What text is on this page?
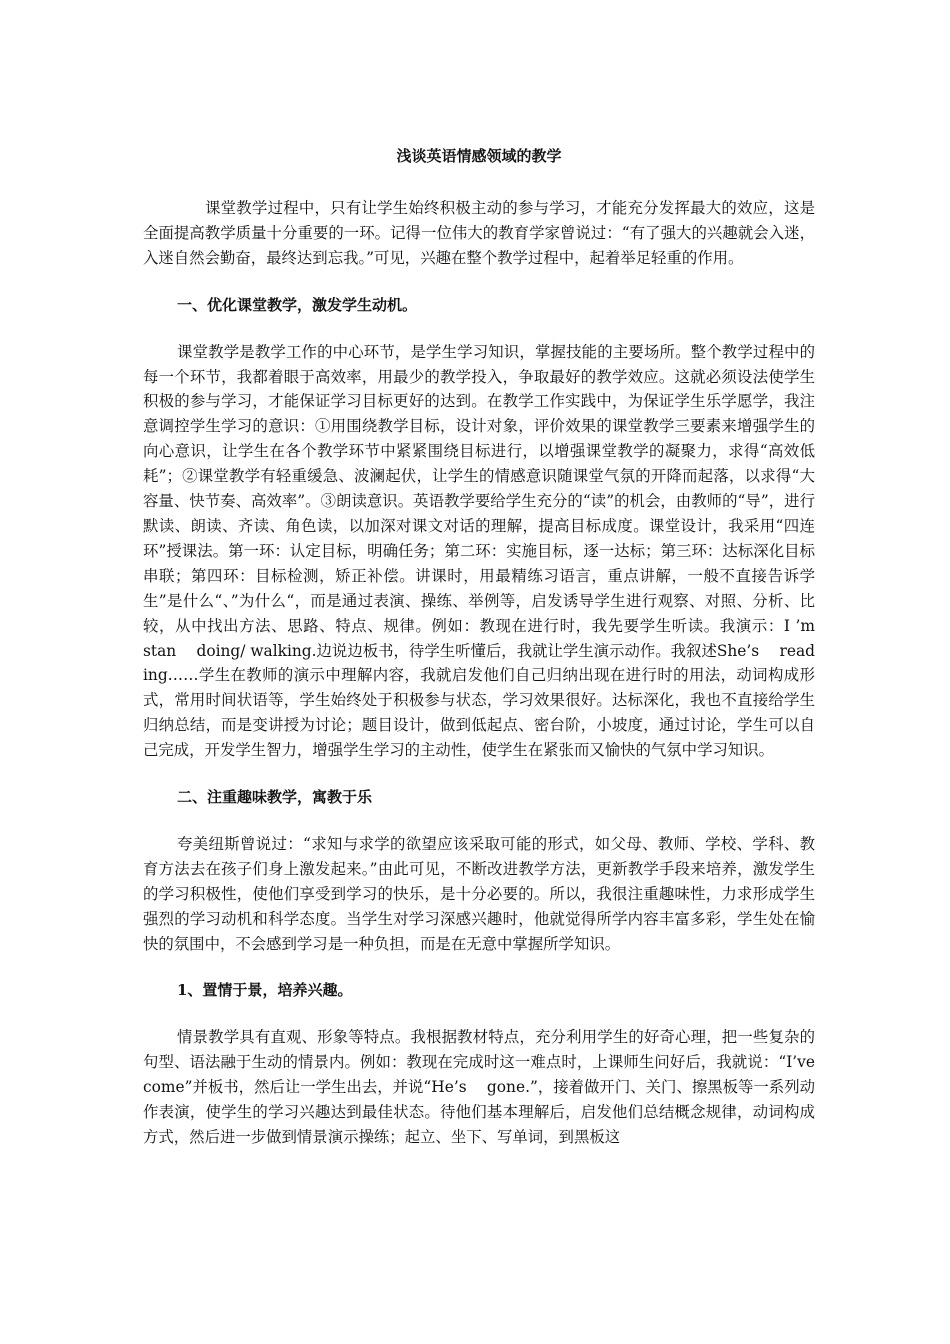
浅谈英语情感领域的教学

课堂教学过程中，只有让学生始终积极主动的参与学习，才能充分发挥最大的效应，这是全面提高教学质量十分重要的一环。记得一位伟大的教育学家曾说过：“有了强大的兴趣就会入迷，入迷自然会勤奋，最终达到忘我。”可见，兴趣在整个教学过程中，起着举足轻重的作用。

一、优化课堂教学，激发学生动机。

课堂教学是教学工作的中心环节，是学生学习知识，掌握技能的主要场所。整个教学过程中的每一个环节，我都着眼于高效率，用最少的教学投入，争取最好的教学效应。这就必须设法使学生积极的参与学习，才能保证学习目标更好的达到。在教学工作实践中，为保证学生乐学愿学，我注意调控学生学习的意识：①用围绕教学目标，设计对象，评价效果的课堂教学三要素来增强学生的向心意识，让学生在各个教学环节中紧紧围绕目标进行，以增强课堂教学的凝聚力，求得“高效低耗”；②课堂教学有轻重缓急、波澜起伏，让学生的情感意识随课堂气氛的开降而起落，以求得“大容量、快节奏、高效率”。③朗读意识。英语教学要给学生充分的“读”的机会，由教师的“导”，进行默读、朗读、齐读、角色读，以加深对课文对话的理解，提高目标成度。课堂设计，我采用“四连环”授课法。第一环：认定目标，明确任务；第二环：实施目标，逐一达标；第三环：达标深化目标串联；第四环：目标检测，矫正补偿。讲课时，用最精练习语言，重点讲解，一般不直接告诉学生”是什么“、”为什么“，而是通过表演、操练、举例等，启发诱导学生进行观察、对照、分析、比较，从中找出方法、思路、特点、规律。例如：教现在进行时，我先要学生听读。我演示：I ’m　 stan　 doing/ walking.边说边板书，待学生听懂后，我就让学生演示动作。我叙述She’s　 reading……学生在教师的演示中理解内容，我就启发他们自己归纳出现在进行时的用法，动词构成形式，常用时间状语等，学生始终处于积极参与状态，学习效果很好。达标深化，我也不直接给学生归纳总结，而是变讲授为讨论；题目设计，做到低起点、密台阶，小坡度，通过讨论，学生可以自己完成，开发学生智力，增强学生学习的主动性，使学生在紧张而又愉快的气氛中学习知识。

二、注重趣味教学，寓教于乐

夸美纽斯曾说过：“求知与求学的欲望应该采取可能的形式，如父母、教师、学校、学科、教育方法去在孩子们身上激发起来。”由此可见，不断改进教学方法，更新教学手段来培养，激发学生的学习积极性，使他们享受到学习的快乐，是十分必要的。所以，我很注重趣味性，力求形成学生强烈的学习动机和科学态度。当学生对学习深感兴趣时，他就觉得所学内容丰富多彩，学生处在愉快的氛围中，不会感到学习是一种负担，而是在无意中掌握所学知识。

1、置情于景，培养兴趣。

情景教学具有直观、形象等特点。我根据教材特点，充分利用学生的好奇心理，把一些复杂的句型、语法融于生动的情景内。例如：教现在完成时这一难点时，上课师生问好后，我就说：“I’ve　 come”并板书，然后让一学生出去，并说“He’s　 gone.”，接着做开门、关门、擦黑板等一系列动作表演，使学生的学习兴趣达到最佳状态。待他们基本理解后，启发他们总结概念规律，动词构成方式，然后进一步做到情景演示操练；起立、坐下、写单词，到黑板这
